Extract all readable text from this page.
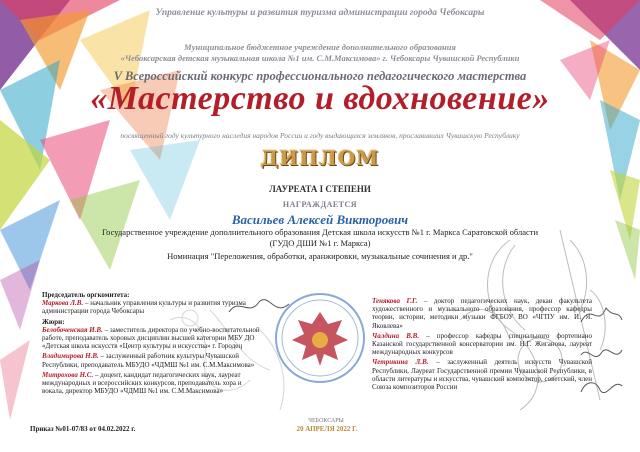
Управление культуры и развития туризма администрации города Чебоксары
Муниципальное бюджетное учреждение дополнительного образования
«Чебоксарская детская музыкальная школа №1 им. С.М.Максимова» г. Чебоксары Чувашской Республики
V Всероссийский конкурс профессионального педагогического мастерства
«Мастерство и вдохновение»
посвященный году культурного наследия народов России и году выдающихся земляков, прославивших Чувашскую Республику
ДИПЛОМ
ЛАУРЕАТА I СТЕПЕНИ
НАГРАЖДАЕТСЯ
Васильев Алексей Викторович
Государственное учреждение дополнительного образования Детская школа искусств №1 г. Маркса Саратовской области (ГУДО ДШИ №1 г. Маркса)
Номинация "Переложения, обработки, аранжировки, музыкальные сочинения и др."
Председатель оргкомитета:
Маркова Л.В. – начальник управления культуры и развития туризма администрации города Чебоксары
Жюри:
Белобоченская И.В. – заместитель директора по учебно-воспитательной работе, преподаватель хоровых дисциплин высшей категории МБУ ДО «Детская школа искусств «Центр культуры и искусства» г. Городец
Владимирова Н.В. – заслуженный работник культуры Чувашской Республики, преподаватель МБУДО «ЧДМШ №1 им. С.М.Максимова»
Митрохова Н.С. – доцент, кандидат педагогических наук, лауреат международных и всероссийских конкурсов, преподаватель хора и вокала, директор МБУДО «ЧДМШ №1 им. С.М.Максимова»
Тенякова Г.Г. – доктор педагогических наук, декан факультета художественного и музыкального образования, профессор кафедры теории, истории, методики музыки ФГБОУ ВО «ЧГПУ им. И. Я. Яковлева»
Чалдина В.В. – профессор кафедры специального фортепиано Казанской государственной консерватории им. Н.Г. Жиганова, лауреат международных конкурсов
Четрикина Л.В. – заслуженный деятель искусств Чувашской Республики, Лауреат Государственной премии Чувашской Республики, в области литературы и искусства, чувашский композитор, советский, член Союза композиторов России
Приказ №01-07/83 от 04.02.2022 г.
ЧЕБОКСАРЫ
20 АПРЕЛЯ 2022 Г.
